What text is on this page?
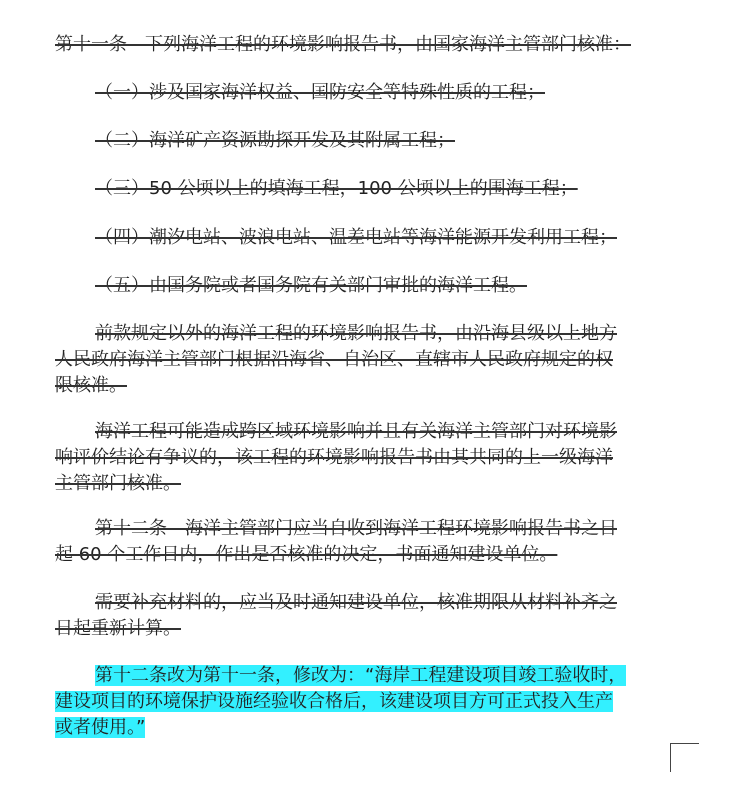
第十一条　下列海洋工程的环境影响报告书，由国家海洋主管部门核准：

（一）涉及国家海洋权益、国防安全等特殊性质的工程；

（二）海洋矿产资源勘探开发及其附属工程；

（三）50 公顷以上的填海工程，100 公顷以上的围海工程；

（四）潮汐电站、波浪电站、温差电站等海洋能源开发利用工程；

（五）由国务院或者国务院有关部门审批的海洋工程。

前款规定以外的海洋工程的环境影响报告书，由沿海县级以上地方
人民政府海洋主管部门根据沿海省、自治区、直辖市人民政府规定的权
限核准。

海洋工程可能造成跨区域环境影响并且有关海洋主管部门对环境影
响评价结论有争议的，该工程的环境影响报告书由其共同的上一级海洋
主管部门核准。

第十二条　海洋主管部门应当自收到海洋工程环境影响报告书之日
起 60 个工作日内，作出是否核准的决定，书面通知建设单位。

需要补充材料的，应当及时通知建设单位，核准期限从材料补齐之
日起重新计算。

第十二条改为第十一条，修改为：“海岸工程建设项目竣工验收时，
建设项目的环境保护设施经验收合格后，该建设项目方可正式投入生产
或者使用。”
